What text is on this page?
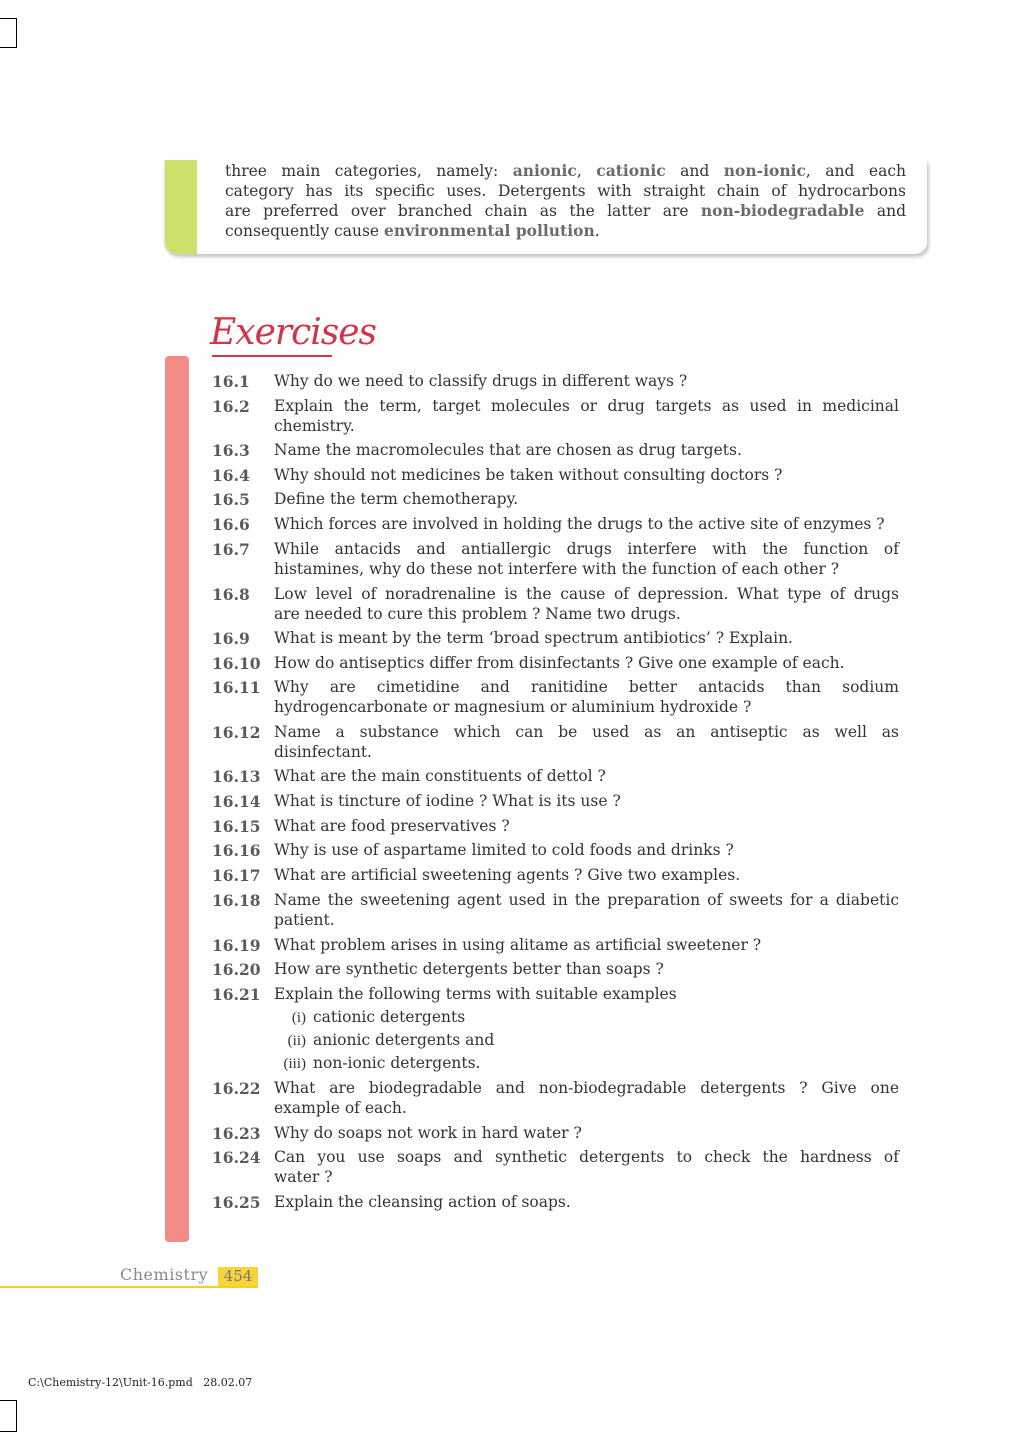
three main categories, namely: anionic, cationic and non-ionic, and each
category has its specific uses. Detergents with straight chain of hydrocarbons
are preferred over branched chain as the latter are non-biodegradable and
consequently cause environmental pollution.
Exercises
16.1 Why do we need to classify drugs in different ways ?
16.2 Explain the term, target molecules or drug targets as used in medicinal
chemistry.
16.3 Name the macromolecules that are chosen as drug targets.
16.4 Why should not medicines be taken without consulting doctors ?
16.5 Define the term chemotherapy.
16.6 Which forces are involved in holding the drugs to the active site of enzymes ?
16.7 While antacids and antiallergic drugs interfere with the function of
histamines, why do these not interfere with the function of each other ?
16.8 Low level of noradrenaline is the cause of depression. What type of drugs
are needed to cure this problem ? Name two drugs.
16.9 What is meant by the term ‘broad spectrum antibiotics’ ? Explain.
16.10 How do antiseptics differ from disinfectants ? Give one example of each.
16.11 Why are cimetidine and ranitidine better antacids than sodium
hydrogencarbonate or magnesium or aluminium hydroxide ?
16.12 Name a substance which can be used as an antiseptic as well as
disinfectant.
16.13 What are the main constituents of dettol ?
16.14 What is tincture of iodine ? What is its use ?
16.15 What are food preservatives ?
16.16 Why is use of aspartame limited to cold foods and drinks ?
16.17 What are artificial sweetening agents ? Give two examples.
16.18 Name the sweetening agent used in the preparation of sweets for a diabetic
patient.
16.19 What problem arises in using alitame as artificial sweetener ?
16.20 How are synthetic detergents better than soaps ?
16.21 Explain the following terms with suitable examples
(i) cationic detergents
(ii) anionic detergents and
(iii) non-ionic detergents.
16.22 What are biodegradable and non-biodegradable detergents ? Give one
example of each.
16.23 Why do soaps not work in hard water ?
16.24 Can you use soaps and synthetic detergents to check the hardness of
water ?
16.25 Explain the cleansing action of soaps.
Chemistry	454
C:\Chemistry-12\Unit-16.pmd   28.02.07
